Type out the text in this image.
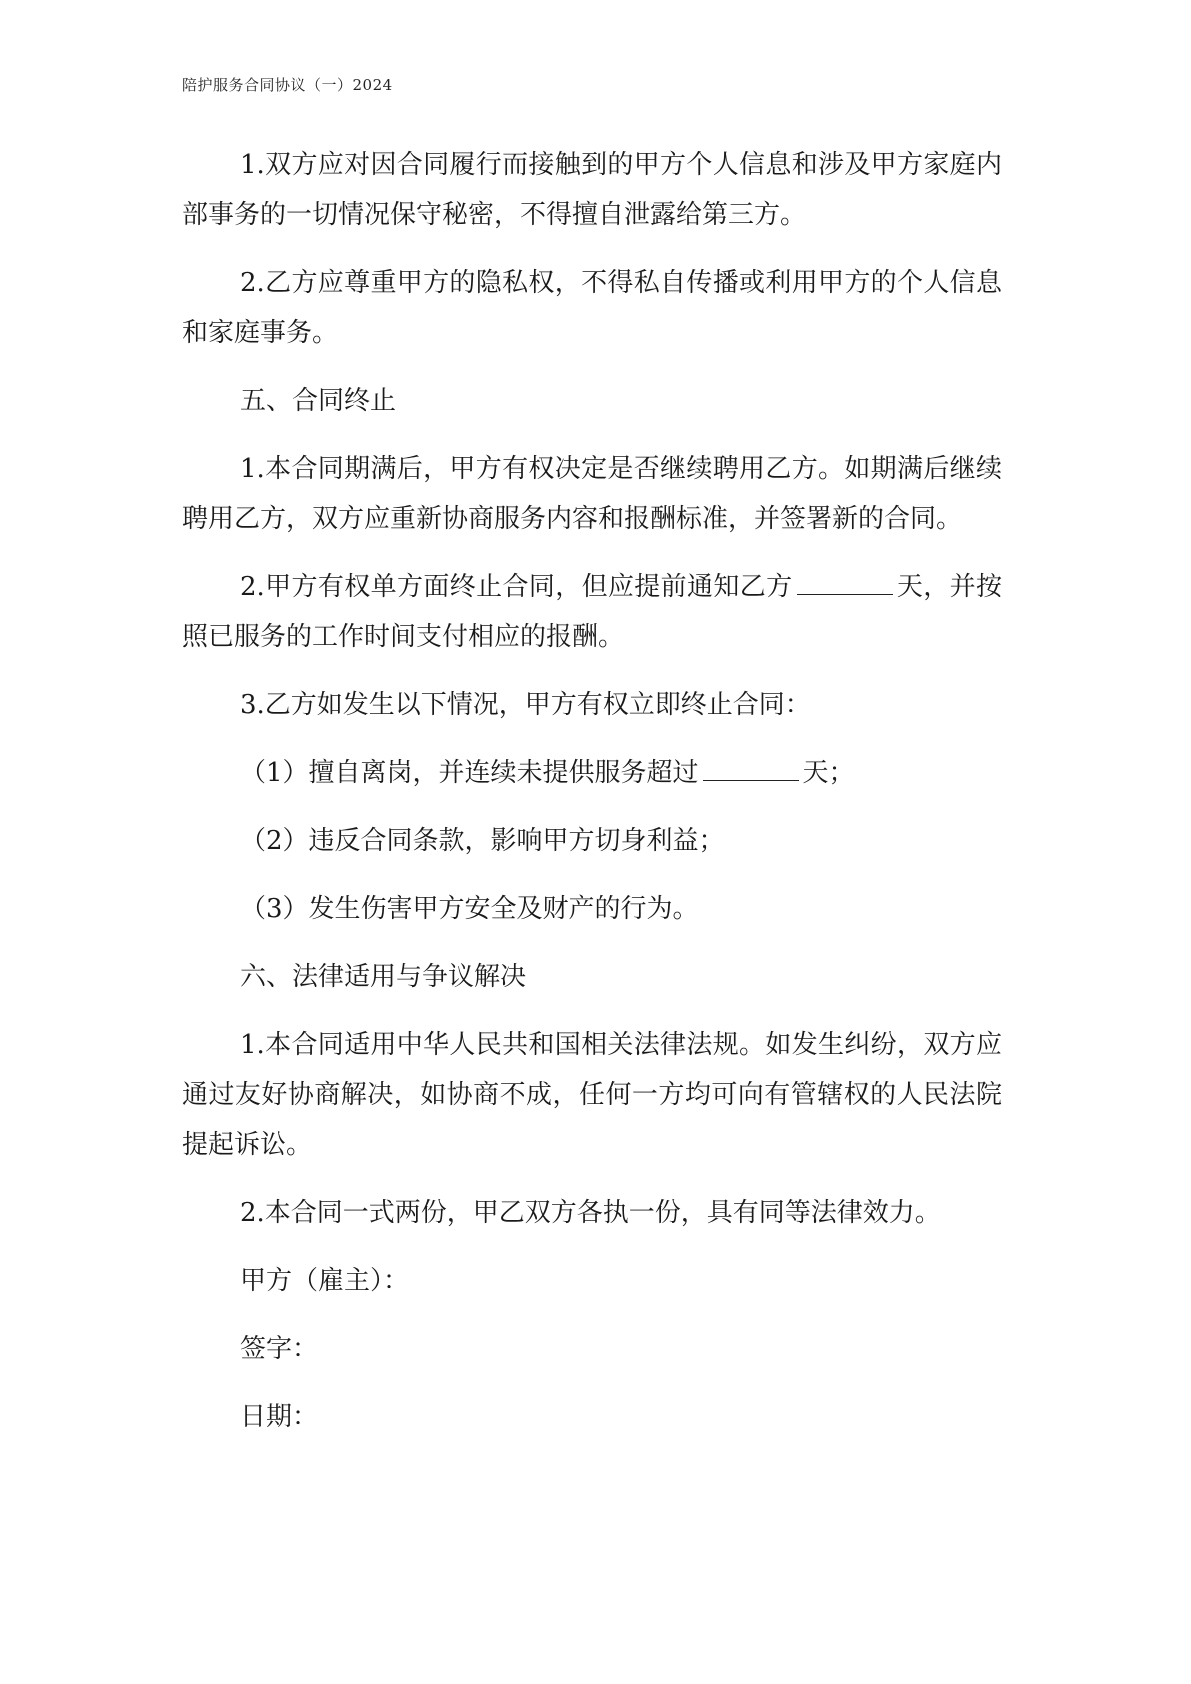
陪护服务合同协议（一）2024

1.双方应对因合同履行而接触到的甲方个人信息和涉及甲方家庭内部事务的一切情况保守秘密，不得擅自泄露给第三方。

2.乙方应尊重甲方的隐私权，不得私自传播或利用甲方的个人信息和家庭事务。

五、合同终止

1.本合同期满后，甲方有权决定是否继续聘用乙方。如期满后继续聘用乙方，双方应重新协商服务内容和报酬标准，并签署新的合同。

2.甲方有权单方面终止合同，但应提前通知乙方	天，并按照已服务的工作时间支付相应的报酬。

3.乙方如发生以下情况，甲方有权立即终止合同：

（1）擅自离岗，并连续未提供服务超过	天；

（2）违反合同条款，影响甲方切身利益；

（3）发生伤害甲方安全及财产的行为。

六、法律适用与争议解决

1.本合同适用中华人民共和国相关法律法规。如发生纠纷，双方应通过友好协商解决，如协商不成，任何一方均可向有管辖权的人民法院提起诉讼。

2.本合同一式两份，甲乙双方各执一份，具有同等法律效力。

甲方（雇主）：

签字：

日期：
